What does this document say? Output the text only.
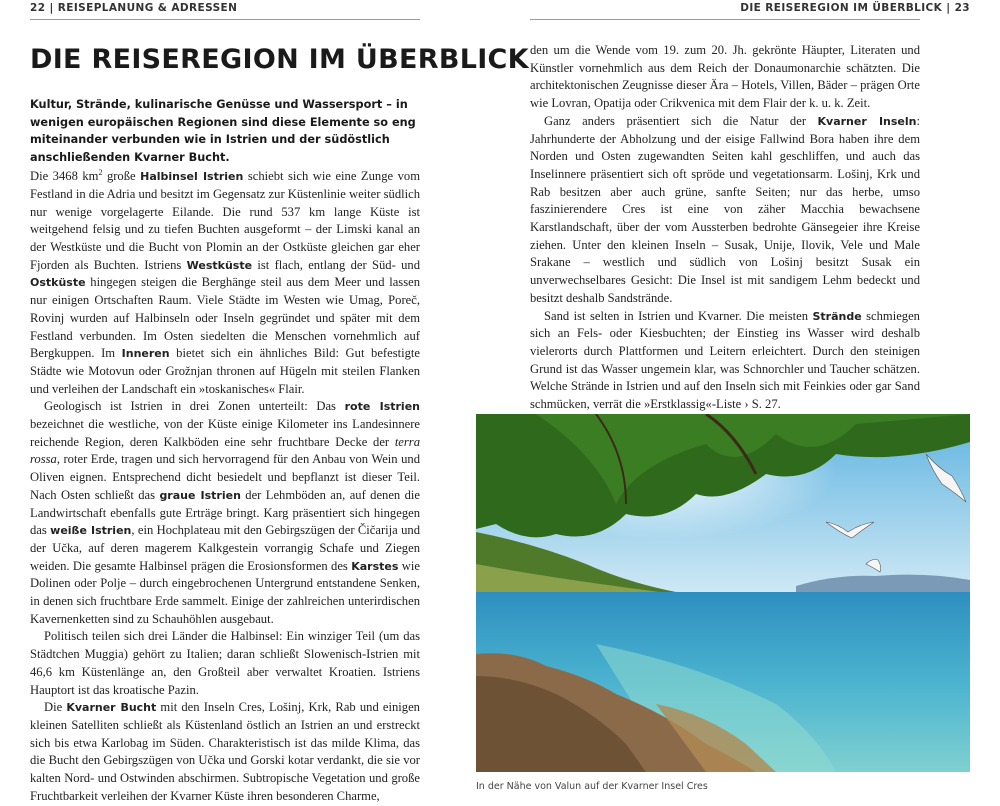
22 | REISEPLANUNG & ADRESSEN	DIE REISEREGION IM ÜBERBLICK | 23
DIE REISEREGION IM ÜBERBLICK
Kultur, Strände, kulinarische Genüsse und Wassersport – in wenigen europäischen Regionen sind diese Elemente so eng miteinander verbunden wie in Istrien und der südöstlich anschließenden Kvarner Bucht.

Die 3468 $km^2$ große Halbinsel Istrien schiebt sich wie eine Zunge vom Festland in die Adria und besitzt im Gegensatz zur Küstenlinie weiter südlich nur wenige vorgelagerte Eilande. Die rund 537 km lange Küste ist weitgehend felsig und zu tiefen Buchten ausgeformt – der Limski kanal an der Westküste und die Bucht von Plomin an der Ostküste gleichen gar eher Fjorden als Buchten. Istriens Westküste ist flach, entlang der Süd- und Ostküste hingegen steigen die Berghänge steil aus dem Meer und lassen nur einigen Ortschaften Raum. Viele Städte im Westen wie Umag, Poreč, Rovinj wurden auf Halbinseln oder Inseln gegründet und später mit dem Festland verbunden. Im Osten siedelten die Menschen vornehmlich auf Bergkuppen. Im Inneren bietet sich ein ähnliches Bild: Gut befestigte Städte wie Motovun oder Grožnjan thronen auf Hügeln mit steilen Flanken und verleihen der Landschaft ein »toskanisches« Flair.

Geologisch ist Istrien in drei Zonen unterteilt: Das rote Istrien bezeichnet die westliche, von der Küste einige Kilometer ins Landesinnere reichende Region, deren Kalkböden eine sehr fruchtbare Decke der terra rossa, roter Erde, tragen und sich hervorragend für den Anbau von Wein und Oliven eignen. Entsprechend dicht besiedelt und bepflanzt ist dieser Teil. Nach Osten schließt das graue Istrien der Lehmböden an, auf denen die Landwirtschaft ebenfalls gute Erträge bringt. Karg präsentiert sich hingegen das weiße Istrien, ein Hochplateau mit den Gebirgszügen der Čičarija und der Učka, auf deren magerem Kalkgestein vorrangig Schafe und Ziegen weiden. Die gesamte Halbinsel prägen die Erosionsformen des Karstes wie Dolinen oder Polje – durch eingebrochenen Untergrund entstandene Senken, in denen sich fruchtbare Erde sammelt. Einige der zahlreichen unterirdischen Kavernenketten sind zu Schauhöhlen ausgebaut.

Politisch teilen sich drei Länder die Halbinsel: Ein winziger Teil (um das Städtchen Muggia) gehört zu Italien; daran schließt Slowenisch-Istrien mit 46,6 km Küstenlänge an, den Großteil aber verwaltet Kroatien. Istriens Hauptort ist das kroatische Pazin.

Die Kvarner Bucht mit den Inseln Cres, Lošinj, Krk, Rab und einigen kleinen Satelliten schließt als Küstenland östlich an Istrien an und erstreckt sich bis etwa Karlobag im Süden. Charakteristisch ist das milde Klima, das die Bucht den Gebirgszügen von Učka und Gorski kotar verdankt, die sie vor kalten Nord- und Ostwinden abschirmen. Subtropische Vegetation und große Fruchtbarkeit verleihen der Kvarner Küste ihren besonderen Charme,

den um die Wende vom 19. zum 20. Jh. gekrönte Häupter, Literaten und Künstler vornehmlich aus dem Reich der Donaumonarchie schätzten. Die architektonischen Zeugnisse dieser Ära – Hotels, Villen, Bäder – prägen Orte wie Lovran, Opatija oder Crikvenica mit dem Flair der k. u. k. Zeit.

Ganz anders präsentiert sich die Natur der Kvarner Inseln: Jahrhunderte der Abholzung und der eisige Fallwind Bora haben ihre dem Norden und Osten zugewandten Seiten kahl geschliffen, und auch das Inselinnere präsentiert sich oft spröde und vegetationsarm. Lošinj, Krk und Rab besitzen aber auch grüne, sanfte Seiten; nur das herbe, umso faszinierendere Cres ist eine von zäher Macchia bewachsene Karstlandschaft, über der vom Aussterben bedrohte Gänsegeier ihre Kreise ziehen. Unter den kleinen Inseln – Susak, Unije, Ilovik, Vele und Male Srakane – westlich und südlich von Lošinj besitzt Susak ein unverwechselbares Gesicht: Die Insel ist mit sandigem Lehm bedeckt und besitzt deshalb Sandstrände.

Sand ist selten in Istrien und Kvarner. Die meisten Strände schmiegen sich an Fels- oder Kiesbuchten; der Einstieg ins Wasser wird deshalb vielerorts durch Plattformen und Leitern erleichtert. Durch den steinigen Grund ist das Wasser ungemein klar, was Schnorchler und Taucher schätzen. Welche Strände in Istrien und auf den Inseln sich mit Feinkies oder gar Sand schmücken, verrät die »Erstklassig«-Liste › S. 27.

In der Nähe von Valun auf der Kvarner Insel Cres
